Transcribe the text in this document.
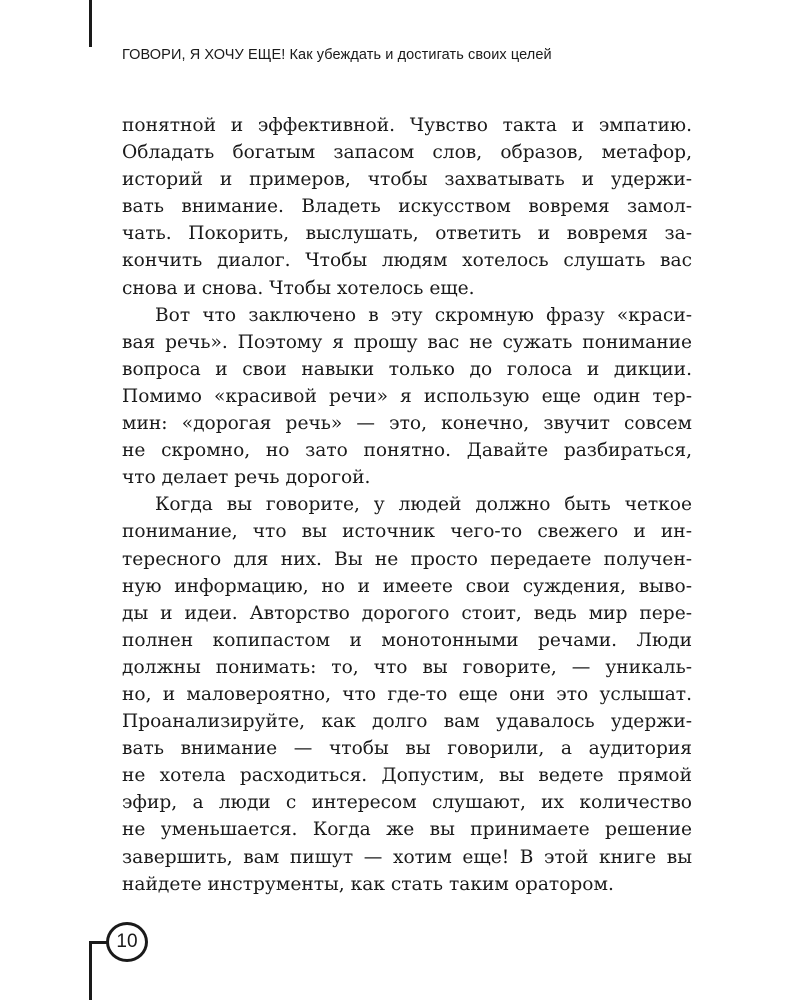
ГОВОРИ, Я ХОЧУ ЕЩЕ! Как убеждать и достигать своих целей
понятной и эффективной. Чувство такта и эмпатию.
Обладать богатым запасом слов, образов, метафор,
историй и примеров, чтобы захватывать и удержи-
вать внимание. Владеть искусством вовремя замол-
чать. Покорить, выслушать, ответить и вовремя за-
кончить диалог. Чтобы людям хотелось слушать вас
снова и снова. Чтобы хотелось еще.
Вот что заключено в эту скромную фразу «краси-
вая речь». Поэтому я прошу вас не сужать понимание
вопроса и свои навыки только до голоса и дикции.
Помимо «красивой речи» я использую еще один тер-
мин: «дорогая речь» — это, конечно, звучит совсем
не скромно, но зато понятно. Давайте разбираться,
что делает речь дорогой.
Когда вы говорите, у людей должно быть четкое
понимание, что вы источник чего-то свежего и ин-
тересного для них. Вы не просто передаете получен-
ную информацию, но и имеете свои суждения, выво-
ды и идеи. Авторство дорогого стоит, ведь мир пере-
полнен копипастом и монотонными речами. Люди
должны понимать: то, что вы говорите, — уникаль-
но, и маловероятно, что где-то еще они это услышат.
Проанализируйте, как долго вам удавалось удержи-
вать внимание — чтобы вы говорили, а аудитория
не хотела расходиться. Допустим, вы ведете прямой
эфир, а люди с интересом слушают, их количество
не уменьшается. Когда же вы принимаете решение
завершить, вам пишут — хотим еще! В этой книге вы
найдете инструменты, как стать таким оратором.
10
